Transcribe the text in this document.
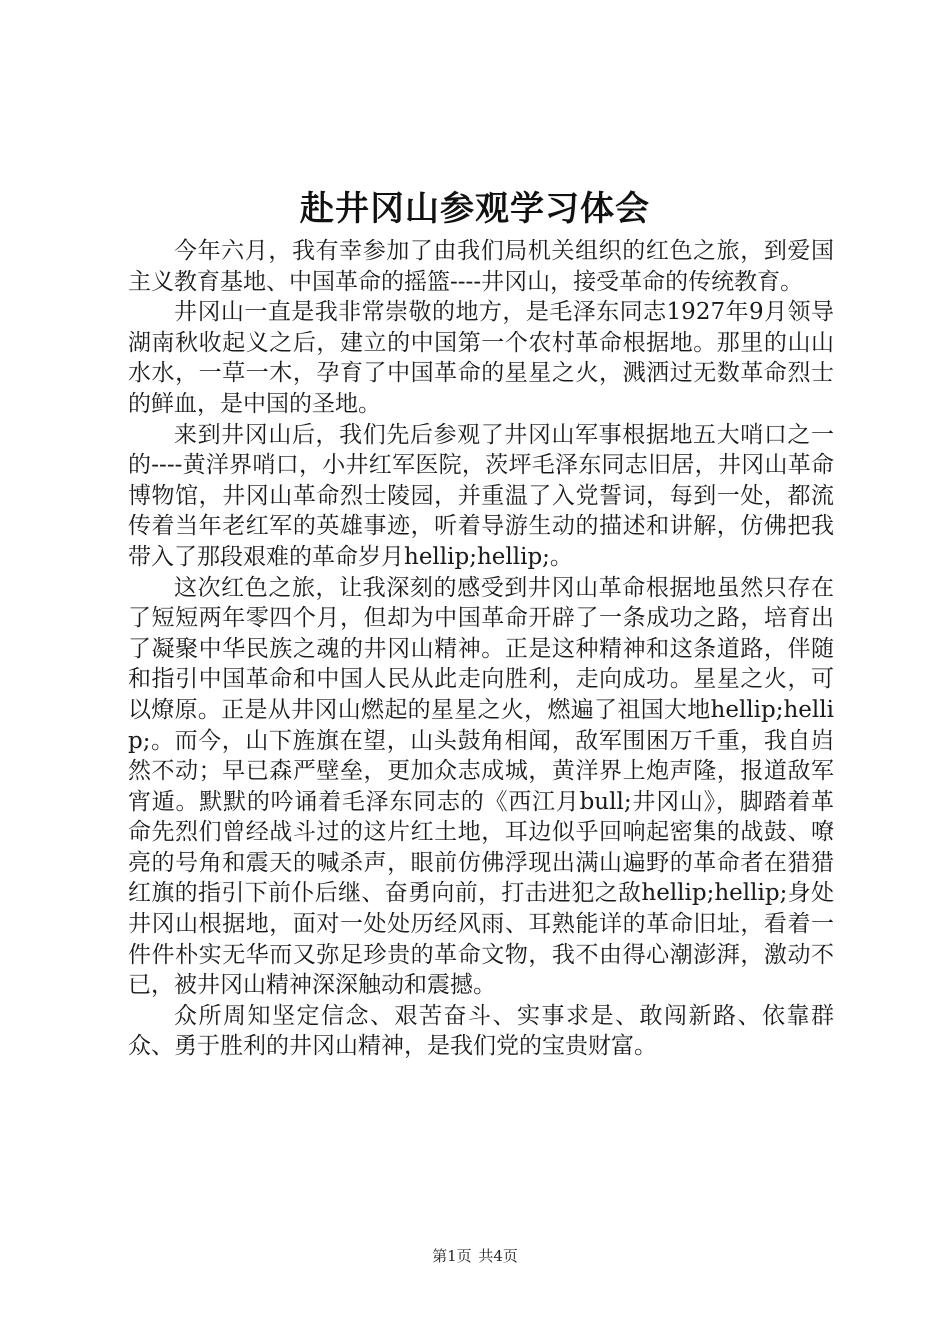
赴井冈山参观学习体会

今年六月，我有幸参加了由我们局机关组织的红色之旅，到爱国主义教育基地、中国革命的摇篮----井冈山，接受革命的传统教育。

井冈山一直是我非常崇敬的地方，是毛泽东同志1927年9月领导湖南秋收起义之后，建立的中国第一个农村革命根据地。那里的山山水水，一草一木，孕育了中国革命的星星之火，溅洒过无数革命烈士的鲜血，是中国的圣地。

来到井冈山后，我们先后参观了井冈山军事根据地五大哨口之一的----黄洋界哨口，小井红军医院，茨坪毛泽东同志旧居，井冈山革命博物馆，井冈山革命烈士陵园，并重温了入党誓词，每到一处，都流传着当年老红军的英雄事迹，听着导游生动的描述和讲解，仿佛把我带入了那段艰难的革命岁月hellip;hellip;。

这次红色之旅，让我深刻的感受到井冈山革命根据地虽然只存在了短短两年零四个月，但却为中国革命开辟了一条成功之路，培育出了凝聚中华民族之魂的井冈山精神。正是这种精神和这条道路，伴随和指引中国革命和中国人民从此走向胜利，走向成功。星星之火，可以燎原。正是从井冈山燃起的星星之火，燃遍了祖国大地hellip;hellip;。而今，山下旌旗在望，山头鼓角相闻，敌军围困万千重，我自岿然不动；早已森严壁垒，更加众志成城，黄洋界上炮声隆，报道敌军宵遁。默默的吟诵着毛泽东同志的《西江月bull;井冈山》，脚踏着革命先烈们曾经战斗过的这片红土地，耳边似乎回响起密集的战鼓、嘹亮的号角和震天的喊杀声，眼前仿佛浮现出满山遍野的革命者在猎猎红旗的指引下前仆后继、奋勇向前，打击进犯之敌hellip;hellip;身处井冈山根据地，面对一处处历经风雨、耳熟能详的革命旧址，看着一件件朴实无华而又弥足珍贵的革命文物，我不由得心潮澎湃，激动不已，被井冈山精神深深触动和震撼。

众所周知坚定信念、艰苦奋斗、实事求是、敢闯新路、依靠群众、勇于胜利的井冈山精神，是我们党的宝贵财富。

第1页 共4页
